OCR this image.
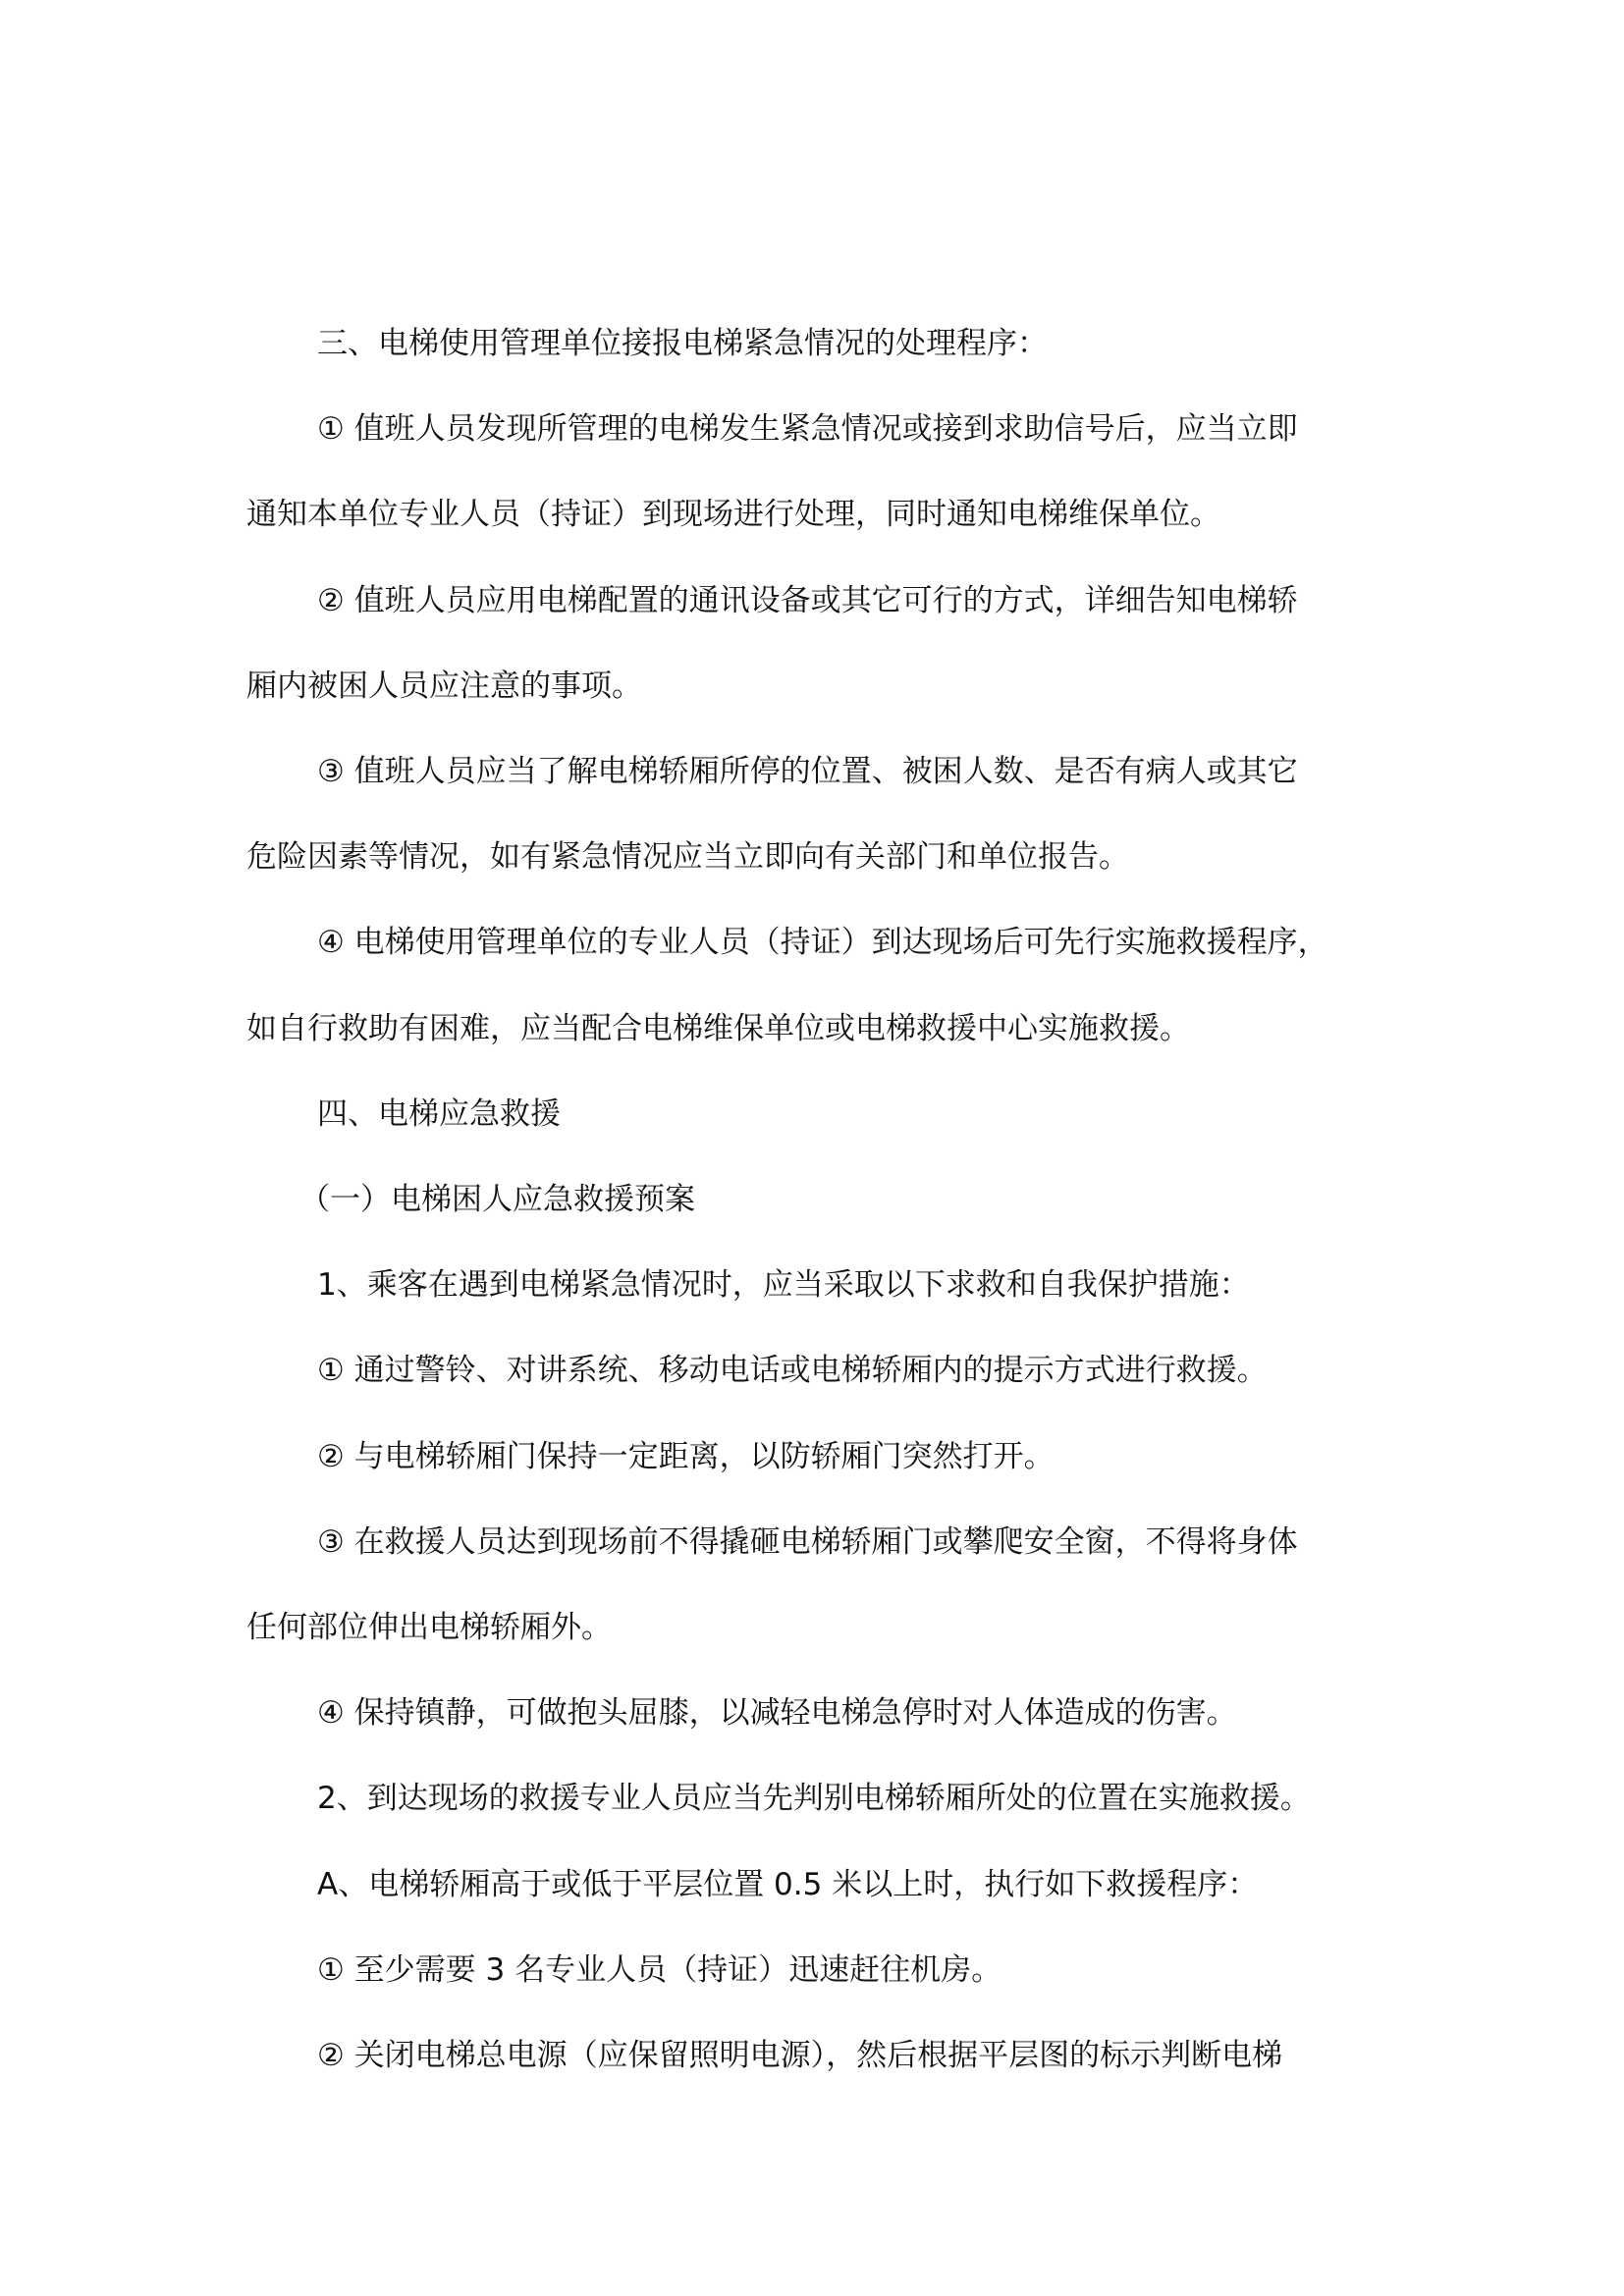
三、电梯使用管理单位接报电梯紧急情况的处理程序：
① 值班人员发现所管理的电梯发生紧急情况或接到求助信号后，应当立即
通知本单位专业人员（持证）到现场进行处理，同时通知电梯维保单位。
② 值班人员应用电梯配置的通讯设备或其它可行的方式，详细告知电梯轿
厢内被困人员应注意的事项。
③ 值班人员应当了解电梯轿厢所停的位置、被困人数、是否有病人或其它
危险因素等情况，如有紧急情况应当立即向有关部门和单位报告。
④ 电梯使用管理单位的专业人员（持证）到达现场后可先行实施救援程序，
如自行救助有困难，应当配合电梯维保单位或电梯救援中心实施救援。
四、电梯应急救援
（一）电梯困人应急救援预案
1、乘客在遇到电梯紧急情况时，应当采取以下求救和自我保护措施：
① 通过警铃、对讲系统、移动电话或电梯轿厢内的提示方式进行救援。
② 与电梯轿厢门保持一定距离，以防轿厢门突然打开。
③ 在救援人员达到现场前不得撬砸电梯轿厢门或攀爬安全窗，不得将身体
任何部位伸出电梯轿厢外。
④ 保持镇静，可做抱头屈膝，以减轻电梯急停时对人体造成的伤害。
2、到达现场的救援专业人员应当先判别电梯轿厢所处的位置在实施救援。
A、电梯轿厢高于或低于平层位置 0.5 米以上时，执行如下救援程序：
① 至少需要 3 名专业人员（持证）迅速赶往机房。
② 关闭电梯总电源（应保留照明电源），然后根据平层图的标示判断电梯
